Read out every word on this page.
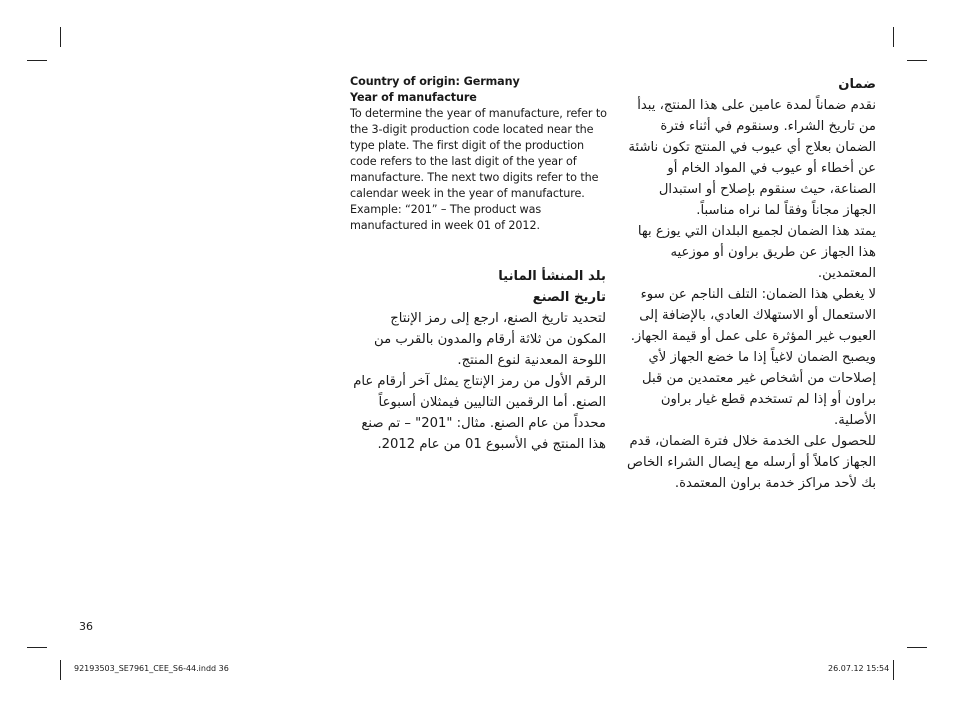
Country of origin: Germany
Year of manufacture

To determine the year of manufacture, refer to the 3-digit production code located near the type plate. The first digit of the production code refers to the last digit of the year of manufacture. The next two digits refer to the calendar week in the year of manufacture. Example: “201” – The product was manufactured in week 01 of 2012.

بلد المنشأ المانيا
تاريخ الصنع

لتحديد تاريخ الصنع، ارجع إلى رمز الإنتاج المكون من ثلاثة أرقام والمدون بالقرب من اللوحة المعدنية لنوع المنتج.

الرقم الأول من رمز الإنتاج يمثل آخر أرقام عام الصنع. أما الرقمين التاليين فيمثلان أسبوعاً محدداً من عام الصنع. مثال: "201" – تم صنع هذا المنتج في الأسبوع 01 من عام 2012.

ضمان

نقدم ضماناً لمدة عامين على هذا المنتج، يبدأ من تاريخ الشراء. وسنقوم في أثناء فترة الضمان بعلاج أي عيوب في المنتج تكون ناشئة عن أخطاء أو عيوب في المواد الخام أو الصناعة، حيث سنقوم بإصلاح أو استبدال الجهاز مجاناً وفقاً لما نراه مناسباً.

يمتد هذا الضمان لجميع البلدان التي يوزع بها هذا الجهاز عن طريق براون أو موزعيه المعتمدين.

لا يغطي هذا الضمان: التلف الناجم عن سوء الاستعمال أو الاستهلاك العادي، بالإضافة إلى العيوب غير المؤثرة على عمل أو قيمة الجهاز. ويصبح الضمان لاغياً إذا ما خضع الجهاز لأي إصلاحات من أشخاص غير معتمدين من قبل براون أو إذا لم تستخدم قطع غيار براون الأصلية.

للحصول على الخدمة خلال فترة الضمان، قدم الجهاز كاملاً أو أرسله مع إيصال الشراء الخاص بك لأحد مراكز خدمة براون المعتمدة.

36
92193503_SE7961_CEE_S6-44.indd 36	26.07.12 15:54
